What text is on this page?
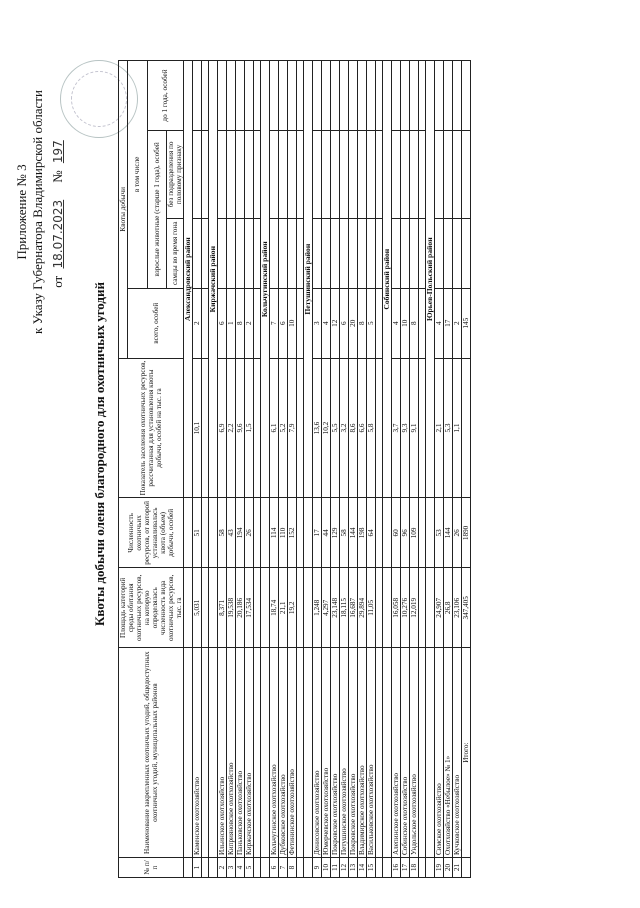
Приложение № 3 к Указу Губернатора Владимирской области от 18.07.2023    № 197
Квоты добычи оленя благородного для охотничьих угодий
№ п/п	Наименование закрепленных охотничьих угодий, общедоступных охотничьих угодий, муниципальных районов	Площадь категорий среды обитания охотничьих ресурсов, на которую определялась численность вида охотничьих ресурсов, тыс. га	Численность охотничьих ресурсов, от которой устанавливалась квота (объем) добычи, особей	Показатель заселения охотничьих ресурсов, рассчитанная для установления квоты добычи, особей на тыс. га	Квоты добычи			
					всего, особей	в том числе		
						взрослые животные (старше 1 года), особей		до 1 года, особей
						самцы во время гона	без подразделения по половому признаку	
				Александровский район				
1	Каменское охотхозяйство	5,031	51	10,1	2			

				Киржачский район				
2	Ильинское охотхозяйство	8,371	58	6,9	6			
3	Киприяновское охотхозяйство	19,538	43	2,2	1			
4	Паньковское охотхозяйство	20,186	194	9,6	8			
5	Киржачское охотхозяйство	17,534	26	1,5	2			

				Кольчугинский район				
6	Кольчугинское охотхозяйство	18,74	114	6,1	7			
7	Дубковское охотхозяйство	21,1	110	5,2	6			
8	Фетининское охотхозяйство	19,2	152	7,9	10			

				Петушинский район				
9	Денисовское охотхозяйство	1,248	17	13,6	3			
10	Юмерчевское охотхозяйство	4,297	44	10,2	4			
11	Покровское охотхозяйство	23,148	129	5,5	12			
12	Петушинское охотхозяйство	18,115	58	3,2	6			
13	Покровское охотхозяйство	16,687	144	8,6	20			
14	Владимирское охотхозяйство	29,894	198	6,6	8			
15	Васильковское охотхозяйство	11,05	64	5,8	5			

				Собинский район				
16	Алепинское охотхозяйство	16,058	60	3,7	4			
17	Собинское охотхозяйство	10,276	96	9,3	10			
18	Ундольское охотхозяйство	12,019	109	9,1	8			

				Юрьев-Польский район				
19	Симское охотхозяйство	24,907	53	2,1	4			
20	Охотхозяйство «Небылое» № 1»	26,8	144	5,3	17			
21	Кучковское охотхозяйство	23,106	26	1,1	2			
	Итого:	347,405	1890		145			
